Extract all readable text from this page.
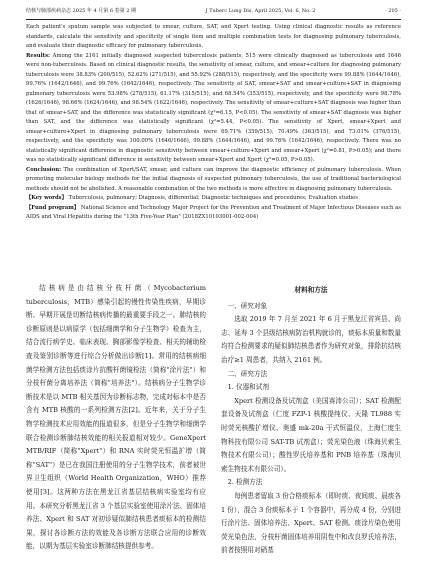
结核与肺部疾病杂志 2025 年 4 月第 6 卷第 2 期	J Tuberc Lung Dis, April 2025, Vol. 6, No. 2	· 205 ·

Each patient's sputum sample was subjected to smear, culture, SAT, and Xpert testing. Using clinical diagnostic results as reference standards, calculate the sensitivity and specificity of single item and multiple combination tests for diagnosing pulmonary tuberculosis, and evaluate their diagnostic efficacy for pulmonary tuberculosis.

Results: Among the 2161 initially diagnosed suspected tuberculosis patients, 515 were clinically diagnosed as tuberculosis and 1646 were non-tuberculosis. Based on clinical diagnostic results, the sensitivity of smear, culture, and smear+culture for diagnosing pulmonary tuberculosis were 38.83% (200/515), 52.62% (271/515), and 55.92% (288/515), respectively, and the specificity were 99.88% (1644/1646), 99.76% (1642/1646), and 99.76% (1642/1646), respectively. The sensitivity of SAT, smear+SAT and smear+culture+SAT in diagnosing pulmonary tuberculosis were 53.98% (278/515), 61.17% (315/515), and 68.54% (353/515), respectively, and the specificity were 98.78% (1626/1646), 98.66% (1624/1646), and 98.54% (1622/1646), respectively. The sensitivity of smear+culture+SAT diagnosis was higher than that of smear+SAT, and the difference was statistically significant (χ²=6.15, P<0.05). The sensitivity of smear+SAT diagnosis was higher than SAT, and the difference was statistically significant (χ²=5.44, P<0.05). The sensitivity of Xpert, smear+Xpert and smear+culture+Xpert in diagnosing pulmonary tuberculosis were 69.71% (359/515), 70.49% (363/515), and 73.01% (376/515), respectively, and the specificity was 100.00% (1646/1646), 99.88% (1644/1646), and 99.76% (1642/1646), respectively. There was no statistically significant difference in diagnostic sensitivity between smear+culture+Xpert and smear+Xpert (χ²=0.81, P>0.05); and there was no statistically significant difference in sensitivity between smear+Xpert and Xpert (χ²=0.05, P>0.05).

Conclusion: The combination of Xpert/SAT, smear, and culture can improve the diagnostic efficiency of pulmonary tuberculosis. When promoting molecular biology methods for the initial diagnosis of suspected pulmonary tuberculosis, the use of traditional bacteriological methods should not be abolished. A reasonable combination of the two methods is more effective in diagnosing pulmonary tuberculosis.

【Key words】 Tuberculosis, pulmonary; Diagnosis, differential; Diagnostic techniques and procedures; Evaluation studies

【Fund program】 National Science and Technology Major Project for the Prevention and Treatment of Major Infectious Diseases such as AIDS and Viral Hepatitis during the "13th Five-Year Plan" (2018ZX10103001-002-004)

结核病是由结核分枝杆菌（Mycobacterium tuberculosis，MTB）感染引起的慢性传染性疾病，早期诊断、早期开展是切断结核病传播的最重要手段之一。肺结核的诊断原则是以病原学（包括细菌学和分子生物学）检查为主，结合流行病学史、临床表现、胸部影像学检查、相关的辅助检查及鉴别诊断等进行综合分析做出诊断[1]。常用的结核病细菌学检测方法包括痰涂片抗酸杆菌镜检法（简称"涂片法"）和分枝杆菌分离培养法（简称"培养法"）。结核病分子生物学诊断技术是以 MTB 相关基因为诊断标志物，完成对标本中是否含有 MTB 核酸的一系列检测方法[2]。近年来，关于分子生物学检测技术应用效能的报道很多，但是分子生物学和细菌学联合检测诊断肺结核效能的相关报道相对较少。GeneXpert MTB/RIF（简称"Xpert"）和 RNA 实时荧光恒温扩增（简称"SAT"）是已在我国注册使用的分子生物学技术，前者被世界卫生组织（World Health Organization，WHO）推荐使用[3]。这两种方法在黑龙江省基层结核病实验室均有应用。本研究分析黑龙江省 3 个基层实验室使用涂片法、固体培养法、Xpert 和 SAT 对初诊疑似肺结核患者痰标本的检测结果，探讨各诊断方法的效能及各诊断方法联合应用的诊断效能，以期为基层实验室诊断肺结核提供参考。

材料和方法

一、研究对象

选取 2019 年 7 月至 2021 年 6 月于黑龙江省宾县、尚志、延寿 3 个县级结核病防治机构就诊的，痰标本质量和数量均符合检测要求的疑似肺结核患者作为研究对象，排除抗结核治疗≥1 周患者，共纳入 2161 例。

二、研究方法

1. 仪器和试剂

Xpert 检测设备及试剂盒（美国赛沛公司）；SAT 检测配套设备及试剂盒（仁度 FZP-1 核酸提纯仪、天隆 TL988 实时荧光核酸扩增仪、奥盛 mk-20a 干式恒温仪、上海仁度生物科技有限公司 SAT-TB 试剂盒）；荧光染色液（珠海贝索生物技术有限公司）；酸性罗氏培养基和 PNB 培养基（珠海贝索生物技术有限公司）。

2. 检测方法

每例患者留取 3 份合格痰标本（即时痰、夜间痰、晨痰各 1 份），混合 3 份痰标本于 1 个容器中，再分成 4 份，分别进行涂片法、固体培养法、Xpert、SAT 检测。痰涂片染色使用荧光染色法，分枝杆菌固体培养用阴性中和改良罗氏培养法，前者按照用对硝基
